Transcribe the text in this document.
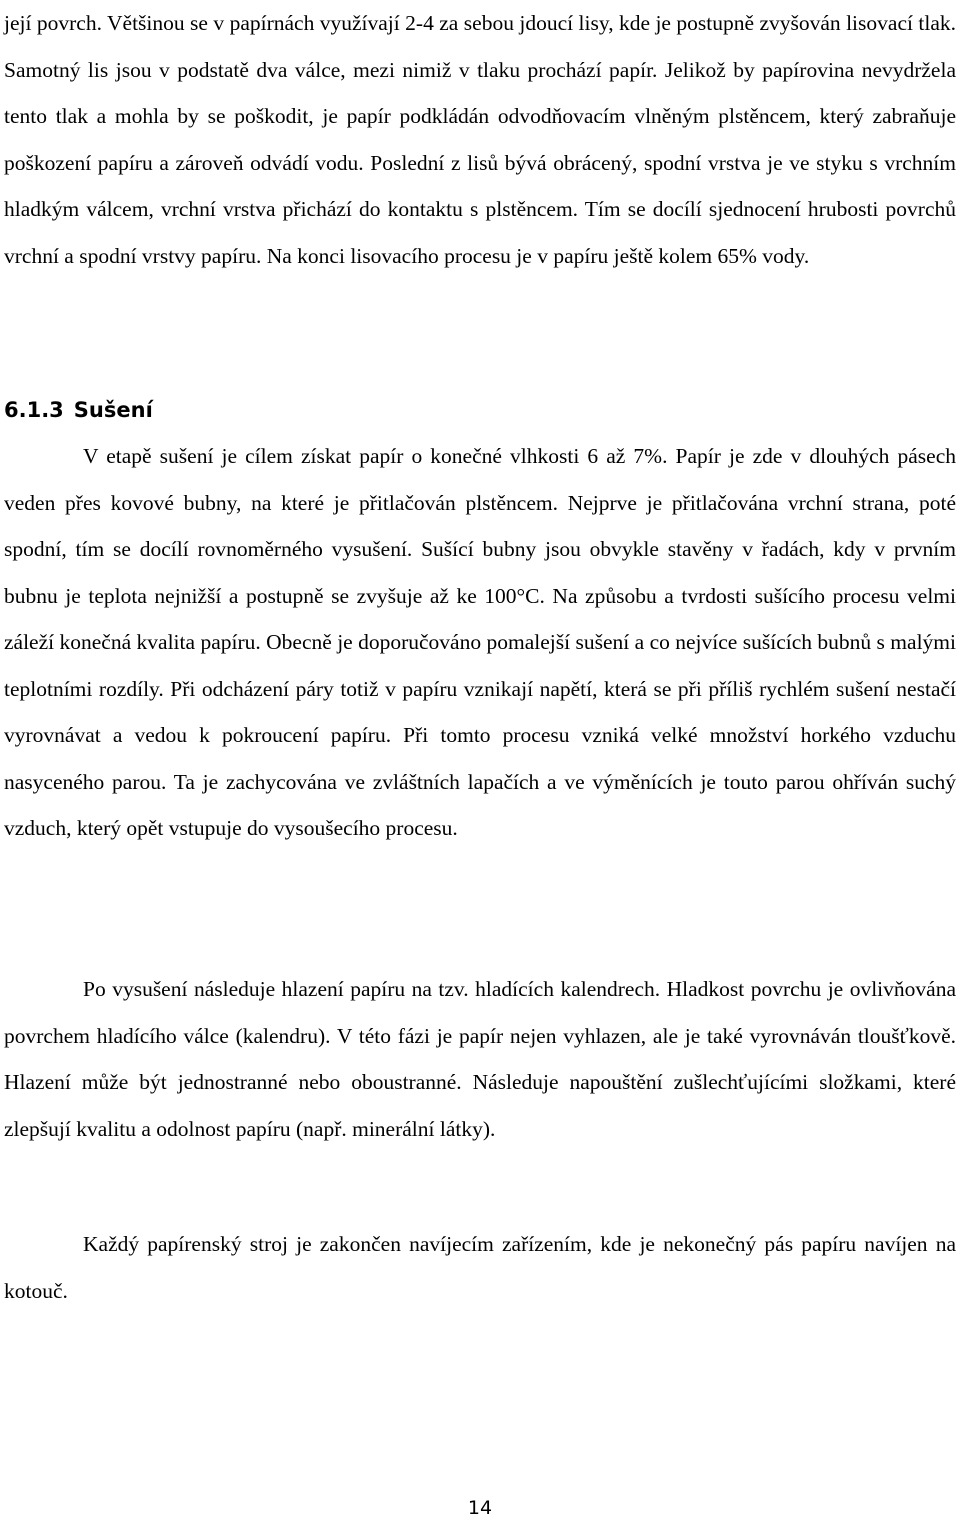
její povrch. Většinou se v papírnách využívají 2-4 za sebou jdoucí lisy, kde je postupně zvyšován lisovací tlak. Samotný lis jsou v podstatě dva válce, mezi nimiž v tlaku prochází papír. Jelikož by papírovina nevydržela tento tlak a mohla by se poškodit, je papír podkládán odvodňovacím vlněným plstěncem, který zabraňuje poškození papíru a zároveň odvádí vodu. Poslední z lisů bývá obrácený, spodní vrstva je ve styku s vrchním hladkým válcem, vrchní vrstva přichází do kontaktu s plstěncem. Tím se docílí sjednocení hrubosti povrchů vrchní a spodní vrstvy papíru. Na konci lisovacího procesu je v papíru ještě kolem 65% vody.

6.1.3 Sušení

V etapě sušení je cílem získat papír o konečné vlhkosti 6 až 7%. Papír je zde v dlouhých pásech veden přes kovové bubny, na které je přitlačován plstěncem. Nejprve je přitlačována vrchní strana, poté spodní, tím se docílí rovnoměrného vysušení. Sušící bubny jsou obvykle stavěny v řadách, kdy v prvním bubnu je teplota nejnižší a postupně se zvyšuje až ke 100°C. Na způsobu a tvrdosti sušícího procesu velmi záleží konečná kvalita papíru. Obecně je doporučováno pomalejší sušení a co nejvíce sušících bubnů s malými teplotními rozdíly. Při odcházení páry totiž v papíru vznikají napětí, která se při příliš rychlém sušení nestačí vyrovnávat a vedou k pokroucení papíru. Při tomto procesu vzniká velké množství horkého vzduchu nasyceného parou. Ta je zachycována ve zvláštních lapačích a ve výměnících je touto parou ohříván suchý vzduch, který opět vstupuje do vysoušecího procesu.

Po vysušení následuje hlazení papíru na tzv. hladících kalendrech. Hladkost povrchu je ovlivňována povrchem hladícího válce (kalendru). V této fázi je papír nejen vyhlazen, ale je také vyrovnáván tloušťkově. Hlazení může být jednostranné nebo oboustranné. Následuje napouštění zušlechťujícími složkami, které zlepšují kvalitu a odolnost papíru (např. minerální látky).

Každý papírenský stroj je zakončen navíjecím zařízením, kde je nekonečný pás papíru navíjen na kotouč.

14
